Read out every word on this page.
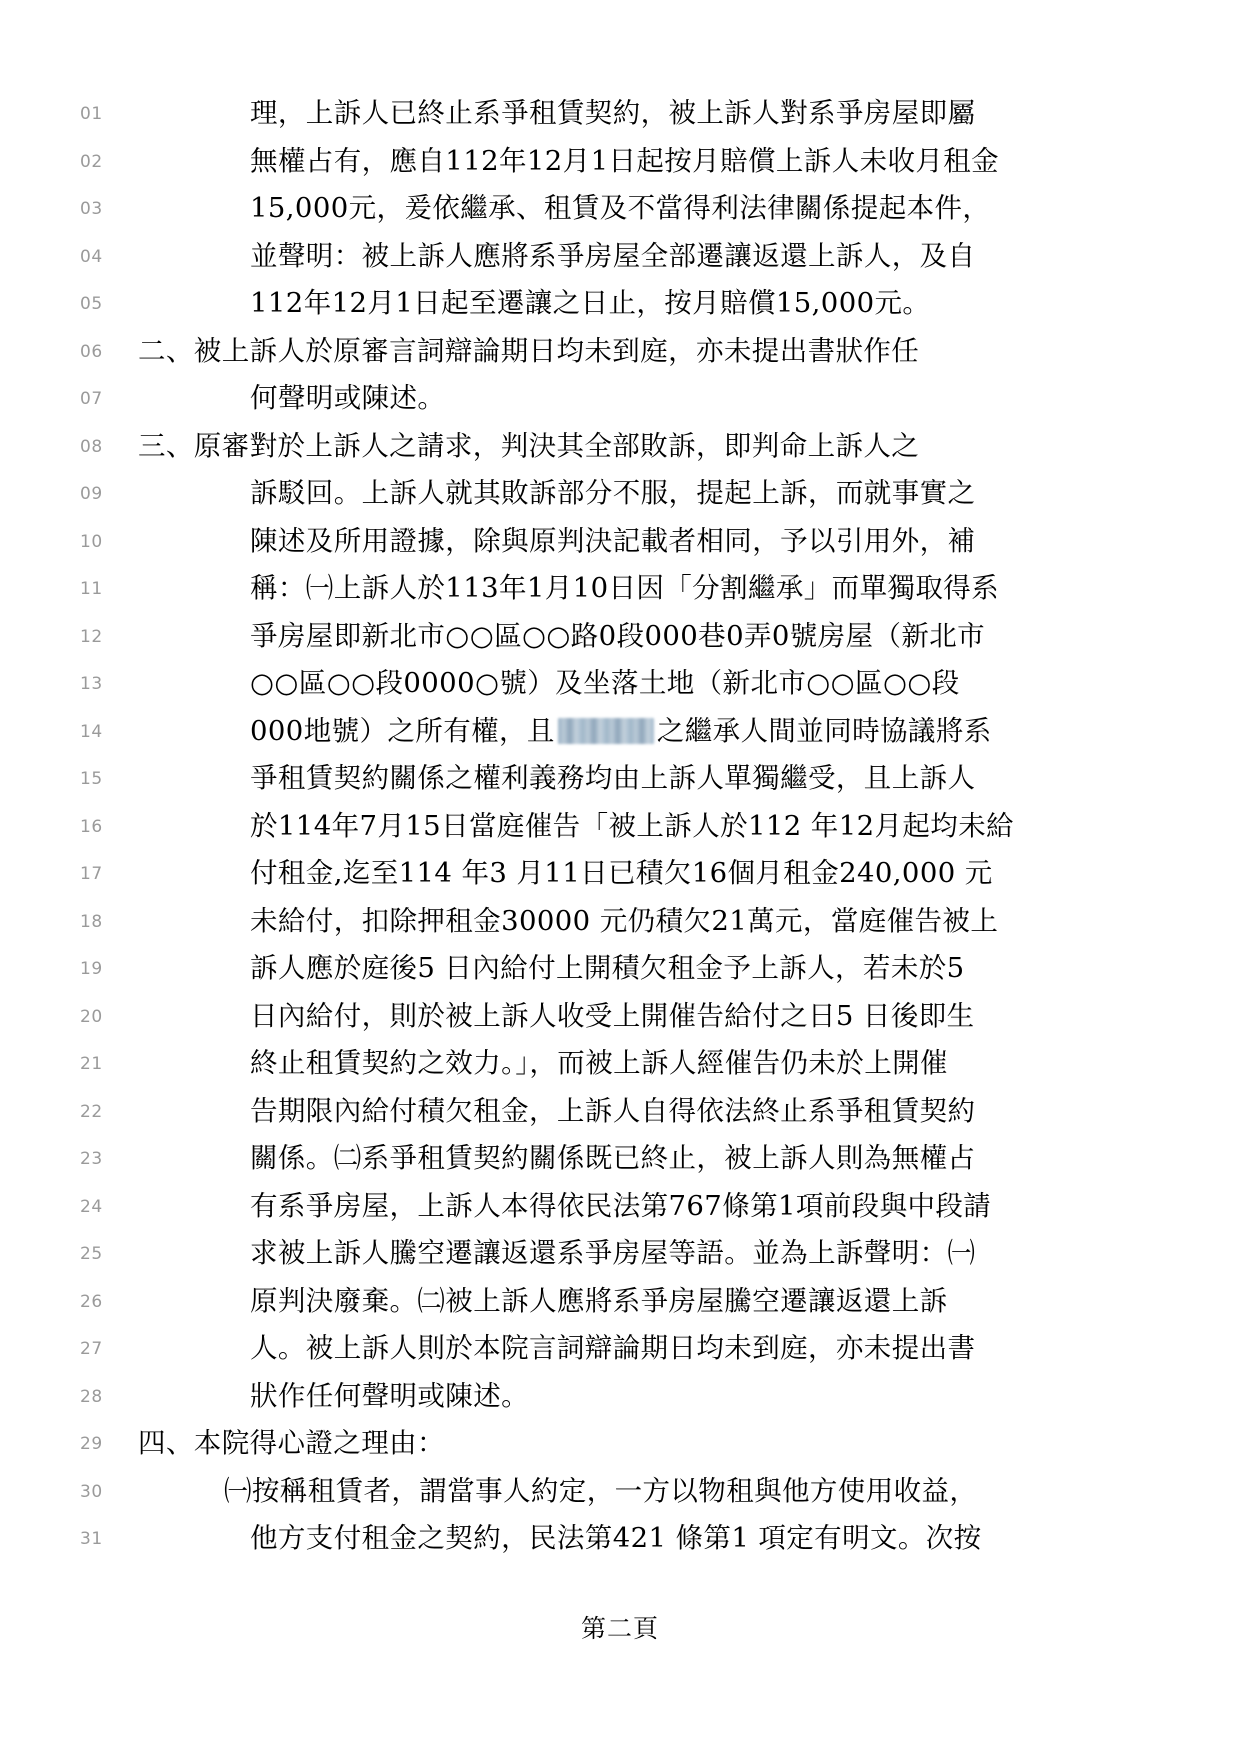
01	理，上訴人已終止系爭租賃契約，被上訴人對系爭房屋即屬
02	無權占有，應自112年12月1日起按月賠償上訴人未收月租金
03	15,000元，爰依繼承、租賃及不當得利法律關係提起本件，
04	並聲明：被上訴人應將系爭房屋全部遷讓返還上訴人，及自
05	112年12月1日起至遷讓之日止，按月賠償15,000元。
06	二、被上訴人於原審言詞辯論期日均未到庭，亦未提出書狀作任
07	何聲明或陳述。
08	三、原審對於上訴人之請求，判決其全部敗訴，即判命上訴人之
09	訴駁回。上訴人就其敗訴部分不服，提起上訴，而就事實之
10	陳述及所用證據，除與原判決記載者相同，予以引用外，補
11	稱：㈠上訴人於113年1月10日因「分割繼承」而單獨取得系
12	爭房屋即新北市○○區○○路0段000巷0弄0號房屋（新北市
13	○○區○○段0000○號）及坐落土地（新北市○○區○○段
14	000地號）之所有權，且	之繼承人間並同時協議將系
15	爭租賃契約關係之權利義務均由上訴人單獨繼受，且上訴人
16	於114年7月15日當庭催告「被上訴人於112 年12月起均未給
17	付租金,迄至114 年3 月11日已積欠16個月租金240,000 元
18	未給付，扣除押租金30000 元仍積欠21萬元，當庭催告被上
19	訴人應於庭後5 日內給付上開積欠租金予上訴人，若未於5
20	日內給付，則於被上訴人收受上開催告給付之日5 日後即生
21	終止租賃契約之效力。」，而被上訴人經催告仍未於上開催
22	告期限內給付積欠租金，上訴人自得依法終止系爭租賃契約
23	關係。㈡系爭租賃契約關係既已終止，被上訴人則為無權占
24	有系爭房屋，上訴人本得依民法第767條第1項前段與中段請
25	求被上訴人騰空遷讓返還系爭房屋等語。並為上訴聲明：㈠
26	原判決廢棄。㈡被上訴人應將系爭房屋騰空遷讓返還上訴
27	人。被上訴人則於本院言詞辯論期日均未到庭，亦未提出書
28	狀作任何聲明或陳述。
29	四、本院得心證之理由：
30	㈠按稱租賃者，謂當事人約定，一方以物租與他方使用收益，
31	他方支付租金之契約，民法第421 條第1 項定有明文。次按
第二頁
